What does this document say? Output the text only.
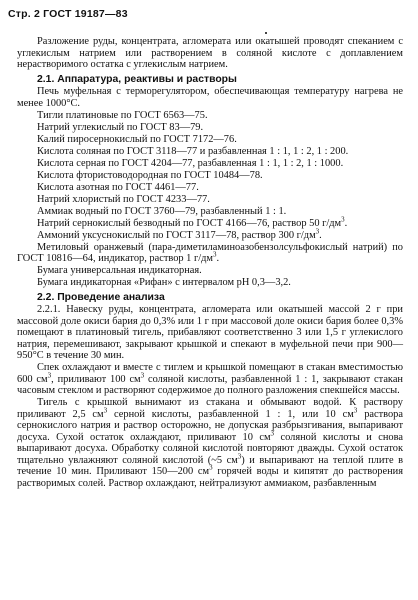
Стр. 2 ГОСТ 19187—83

Разложение руды, концентрата, агломерата или окатышей проводят спеканием с углекислым натрием или растворением в соляной кислоте с доплавлением нерастворимого остатка с углекислым натрием.

2.1. Аппаратура, реактивы и растворы

Печь муфельная с терморегулятором, обеспечивающая температуру нагрева не менее 1000°С.

Тигли платиновые по ГОСТ 6563—75.
Натрий углекислый по ГОСТ 83—79.
Калий пиросернокислый по ГОСТ 7172—76.

Кислота соляная по ГОСТ 3118—77 и разбавленная 1 : 1, 1 : 2, 1 : 200.

Кислота серная по ГОСТ 4204—77, разбавленная 1 : 1, 1 : 2, 1 : 1000.

Кислота фтористоводородная по ГОСТ 10484—78.
Кислота азотная по ГОСТ 4461—77.
Натрий хлористый по ГОСТ 4233—77.
Аммиак водный по ГОСТ 3760—79, разбавленный 1 : 1.

Натрий сернокислый безводный по ГОСТ 4166—76, раствор 50 $г/дм^3$.

Аммоний уксуснокислый по ГОСТ 3117—78, раствор 300 $г/дм^3$.

Метиловый оранжевый (пара-диметиламиноазобензолсульфокислый натрий) по ГОСТ 10816—64, индикатор, раствор 1 $г/дм^3$.

Бумага универсальная индикаторная.
Бумага индикаторная «Рифан» с интервалом pH 0,3—3,2.
2.2. Проведение анализа

2.2.1. Навеску руды, концентрата, агломерата или окатышей массой 2 г при массовой доле окиси бария до 0,3% или 1 г при массовой доле окиси бария более 0,3% помещают в платиновый тигель, прибавляют соответственно 3 или 1,5 г углекислого натрия, перемешивают, закрывают крышкой и спекают в муфельной печи при 900—950°С в течение 30 мин.

Спек охлаждают и вместе с тиглем и крышкой помещают в стакан вместимостью 600 $см^3$, приливают 100 $см^3$ соляной кислоты, разбавленной 1 : 1, закрывают стакан часовым стеклом и растворяют содержимое до полного разложения спекшейся массы.

Тигель с крышкой вынимают из стакана и обмывают водой. К раствору приливают 2,5 $см^3$ серной кислоты, разбавленной 1 : 1, или 10 $см^3$ раствора сернокислого натрия и раствор осторожно, не допуская разбрызгивания, выпаривают досуха. Сухой остаток охлаждают, приливают 10 $см^3$ соляной кислоты и снова выпаривают досуха. Обработку соляной кислотой повторяют дважды. Сухой остаток тщательно увлажняют соляной кислотой (~5 $см^3$) и выпаривают на теплой плите в течение 10 мин. Приливают 150—200 $см^3$ горячей воды и кипятят до растворения растворимых солей. Раствор охлаждают, нейтрализуют аммиаком, разбавленным
